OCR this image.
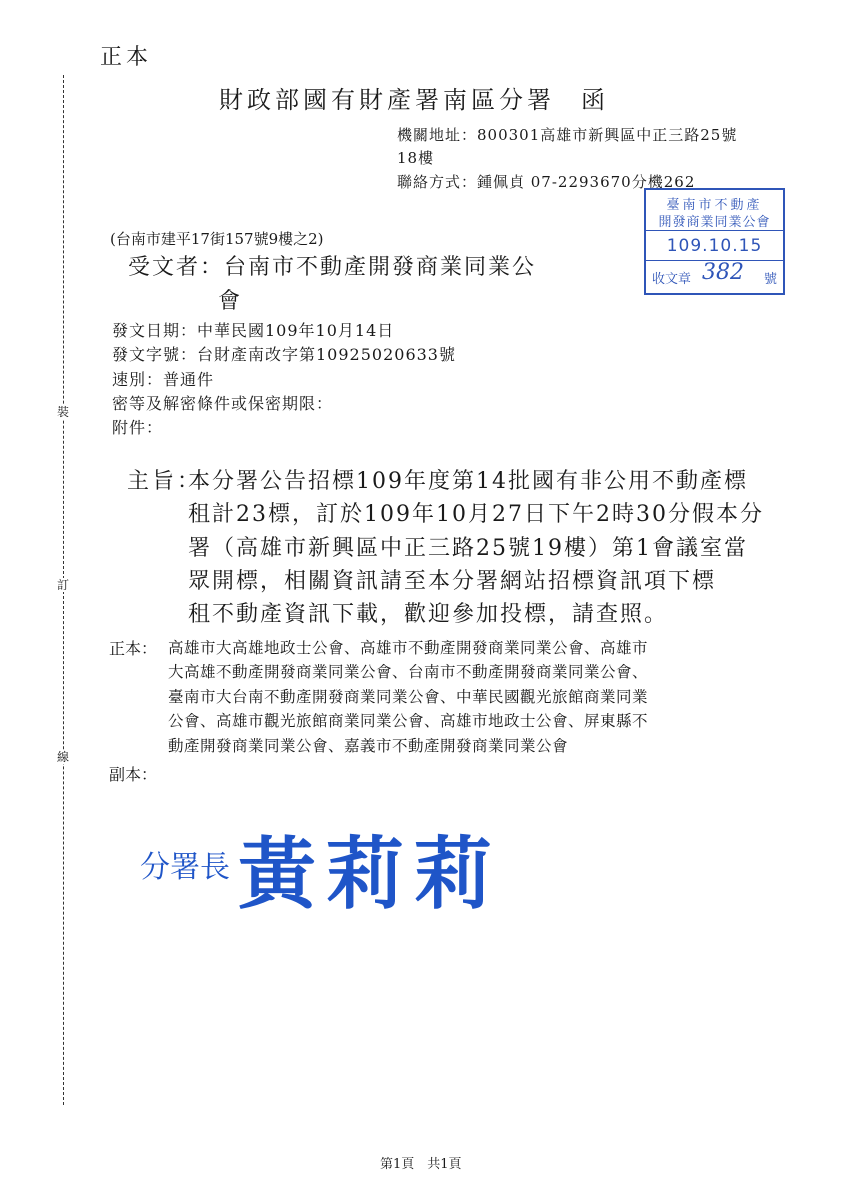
正本
裝
訂
線
財政部國有財產署南區分署 函
機關地址：800301高雄市新興區中正三路25號
18樓
聯絡方式：鍾佩貞 07-2293670分機262
臺南市不動產
開發商業同業公會
109.10.15
收文章 382 號
(台南市建平17街157號9樓之2)
受文者：台南市不動產開發商業同業公
會
發文日期：中華民國109年10月14日
發文字號：台財產南改字第10925020633號
速別：普通件
密等及解密條件或保密期限：
附件：
主旨：
本分署公告招標109年度第14批國有非公用不動產標
租計23標，訂於109年10月27日下午2時30分假本分
署（高雄市新興區中正三路25號19樓）第1會議室當
眾開標，相關資訊請至本分署網站招標資訊項下標
租不動產資訊下載，歡迎參加投標，請查照。
正本： 高雄市大高雄地政士公會、高雄市不動產開發商業同業公會、高雄市
大高雄不動產開發商業同業公會、台南市不動產開發商業同業公會、
臺南市大台南不動產開發商業同業公會、中華民國觀光旅館商業同業
公會、高雄市觀光旅館商業同業公會、高雄市地政士公會、屏東縣不
動產開發商業同業公會、嘉義市不動產開發商業同業公會
副本：
分署長 黃莉莉
第1頁　共1頁
